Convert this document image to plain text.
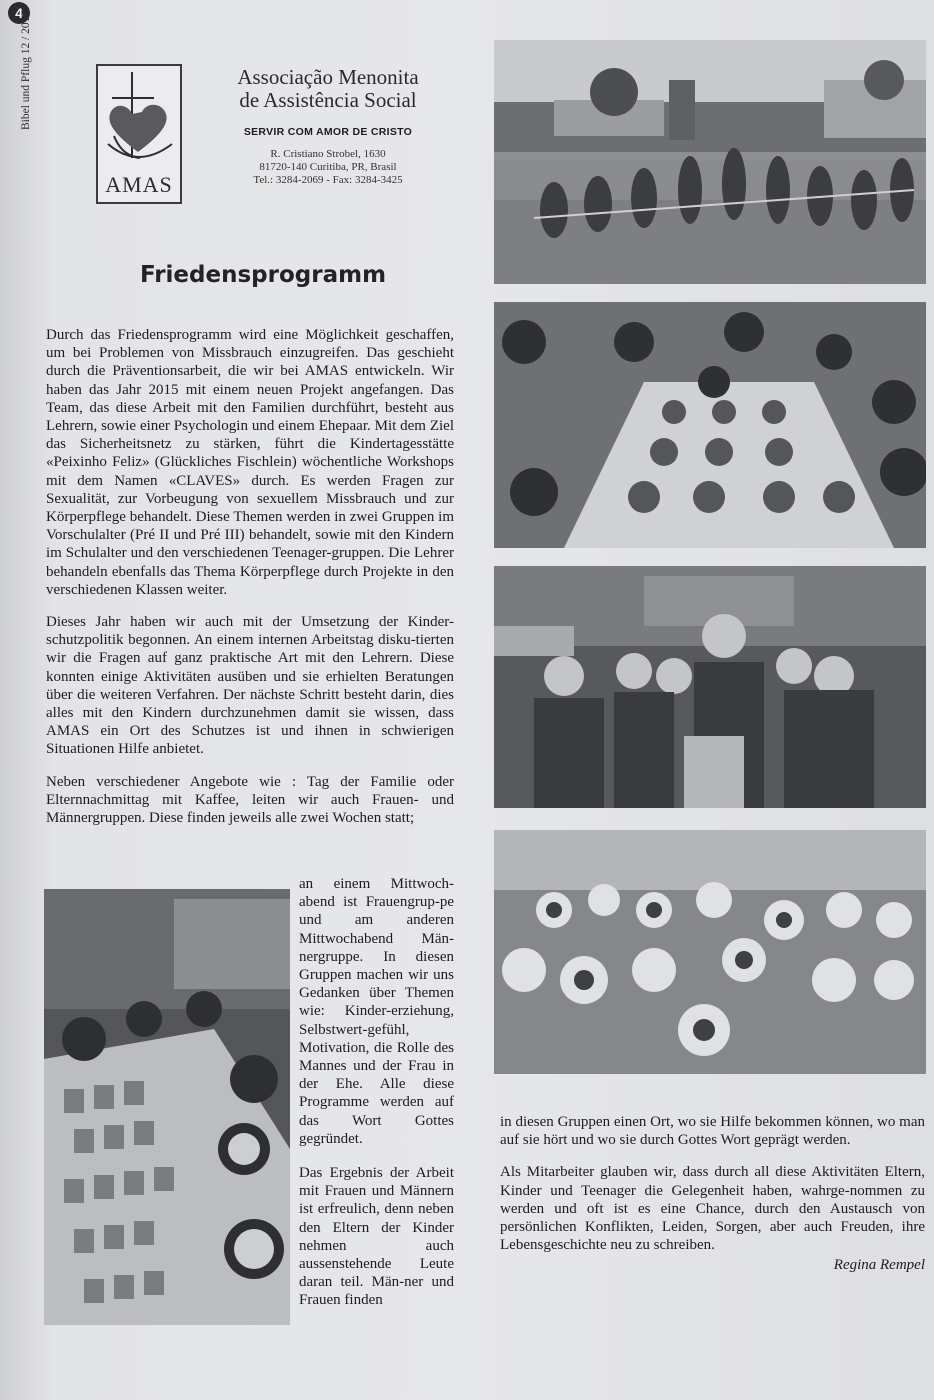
4
Bibel und Pflug 12 / 2015
AMAS
Associação Menonita
de Assistência Social
SERVIR COM AMOR DE CRISTO
R. Cristiano Strobel, 1630
81720-140 Curitiba, PR, Brasil
Tel.: 3284-2069 - Fax: 3284-3425
Friedensprogramm

Durch das Friedensprogramm wird eine Möglichkeit geschaffen, um bei Problemen von Missbrauch einzugreifen. Das geschieht durch die Präventionsarbeit, die wir bei AMAS entwickeln. Wir haben das Jahr 2015 mit einem neuen Projekt angefangen. Das Team, das diese Arbeit mit den Familien durchführt, besteht aus Lehrern, sowie einer Psychologin und einem Ehepaar. Mit dem Ziel das Sicherheitsnetz zu stärken, führt die Kindertagesstätte «Peixinho Feliz» (Glückliches Fischlein) wöchentliche Workshops mit dem Namen «CLAVES» durch. Es werden Fragen zur Sexualität, zur Vorbeugung von sexuellem Missbrauch und zur Körperpflege behandelt. Diese Themen werden in zwei Gruppen im Vorschulalter (Pré II und Pré III) behandelt, sowie mit den Kindern im Schulalter und den verschiedenen Teenager-gruppen. Die Lehrer behandeln ebenfalls das Thema Körperpflege durch Projekte in den verschiedenen Klassen weiter.

Dieses Jahr haben wir auch mit der Umsetzung der Kinder-schutzpolitik begonnen. An einem internen Arbeitstag disku-tierten wir die Fragen auf ganz praktische Art mit den Lehrern. Diese konnten einige Aktivitäten ausüben und sie erhielten Beratungen über die weiteren Verfahren. Der nächste Schritt besteht darin, dies alles mit den Kindern durchzunehmen damit sie wissen, dass AMAS ein Ort des Schutzes ist und ihnen in schwierigen Situationen Hilfe anbietet.

Neben verschiedener Angebote wie : Tag der Familie oder Elternnachmittag mit Kaffee, leiten wir auch Frauen- und Männergruppen. Diese finden jeweils alle zwei Wochen statt;

an einem Mittwoch-abend ist Frauengrup-pe und am anderen Mittwochabend Män-nergruppe. In diesen Gruppen machen wir uns Gedanken über Themen wie: Kinder-erziehung, Selbstwert-gefühl, Motivation, die Rolle des Mannes und der Frau in der Ehe. Alle diese Programme werden auf das Wort Gottes gegründet.

Das Ergebnis der Arbeit mit Frauen und Männern ist erfreulich, denn neben den Eltern der Kinder nehmen auch aussenstehende Leute daran teil. Män-ner und Frauen finden

in diesen Gruppen einen Ort, wo sie Hilfe bekommen können, wo man auf sie hört und wo sie durch Gottes Wort geprägt werden.

Als Mitarbeiter glauben wir, dass durch all diese Aktivitäten Eltern, Kinder und Teenager die Gelegenheit haben, wahrge-nommen zu werden und oft ist es eine Chance, durch den Austausch von persönlichen Konflikten, Leiden, Sorgen, aber auch Freuden, ihre Lebensgeschichte neu zu schreiben.

Regina Rempel
